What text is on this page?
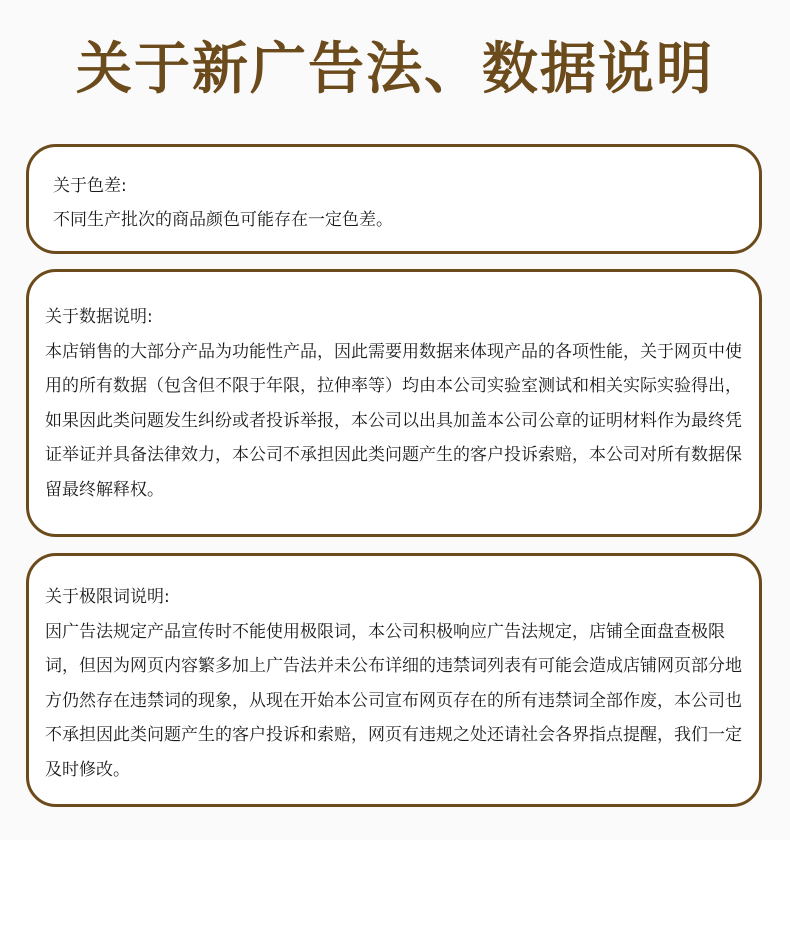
关于新广告法、数据说明

关于色差:

不同生产批次的商品颜色可能存在一定色差。

关于数据说明:

本店销售的大部分产品为功能性产品，因此需要用数据来体现产品的各项性能，关于网页中使用的所有数据（包含但不限于年限，拉伸率等）均由本公司实验室测试和相关实际实验得出，如果因此类问题发生纠纷或者投诉举报，本公司以出具加盖本公司公章的证明材料作为最终凭证举证并具备法律效力，本公司不承担因此类问题产生的客户投诉索赔，本公司对所有数据保留最终解释权。

关于极限词说明:

因广告法规定产品宣传时不能使用极限词，本公司积极响应广告法规定，店铺全面盘查极限词，但因为网页内容繁多加上广告法并未公布详细的违禁词列表有可能会造成店铺网页部分地方仍然存在违禁词的现象，从现在开始本公司宣布网页存在的所有违禁词全部作废，本公司也不承担因此类问题产生的客户投诉和索赔，网页有违规之处还请社会各界指点提醒，我们一定及时修改。
